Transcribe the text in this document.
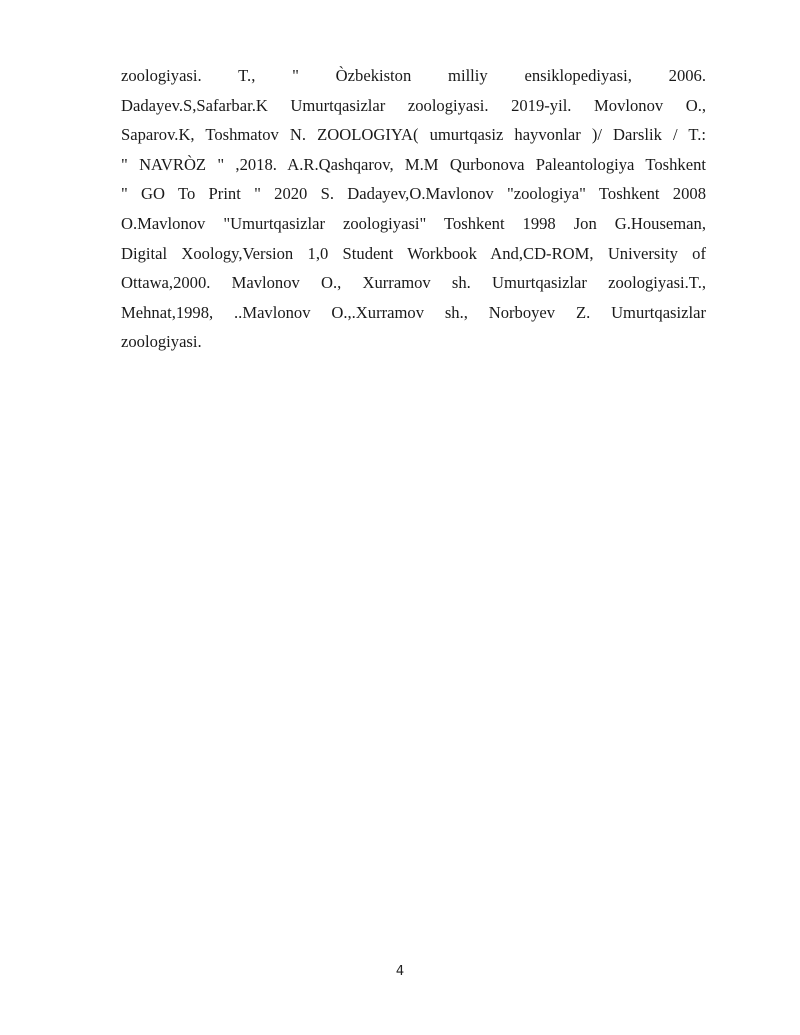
zoologiyasi. T., " Òzbekiston milliy ensiklopediyasi, 2006.
Dadayev.S,Safarbar.K Umurtqasizlar zoologiyasi. 2019-yil. Movlonov O.,
Saparov.K, Toshmatov N. ZOOLOGIYA( umurtqasiz hayvonlar )/ Darslik / T.:
" NAVRÒZ " ,2018. A.R.Qashqarov, M.M Qurbonova Paleantologiya Toshkent
" GO To Print " 2020 S. Dadayev,O.Mavlonov "zoologiya" Toshkent 2008
O.Mavlonov "Umurtqasizlar zoologiyasi" Toshkent 1998 Jon G.Houseman,
Digital Xoology,Version 1,0 Student Workbook And,CD-ROM, University of
Ottawa,2000. Mavlonov O., Xurramov sh. Umurtqasizlar zoologiyasi.T.,
Mehnat,1998, ..Mavlonov O.,.Xurramov sh., Norboyev Z. Umurtqasizlar
zoologiyasi.
4
